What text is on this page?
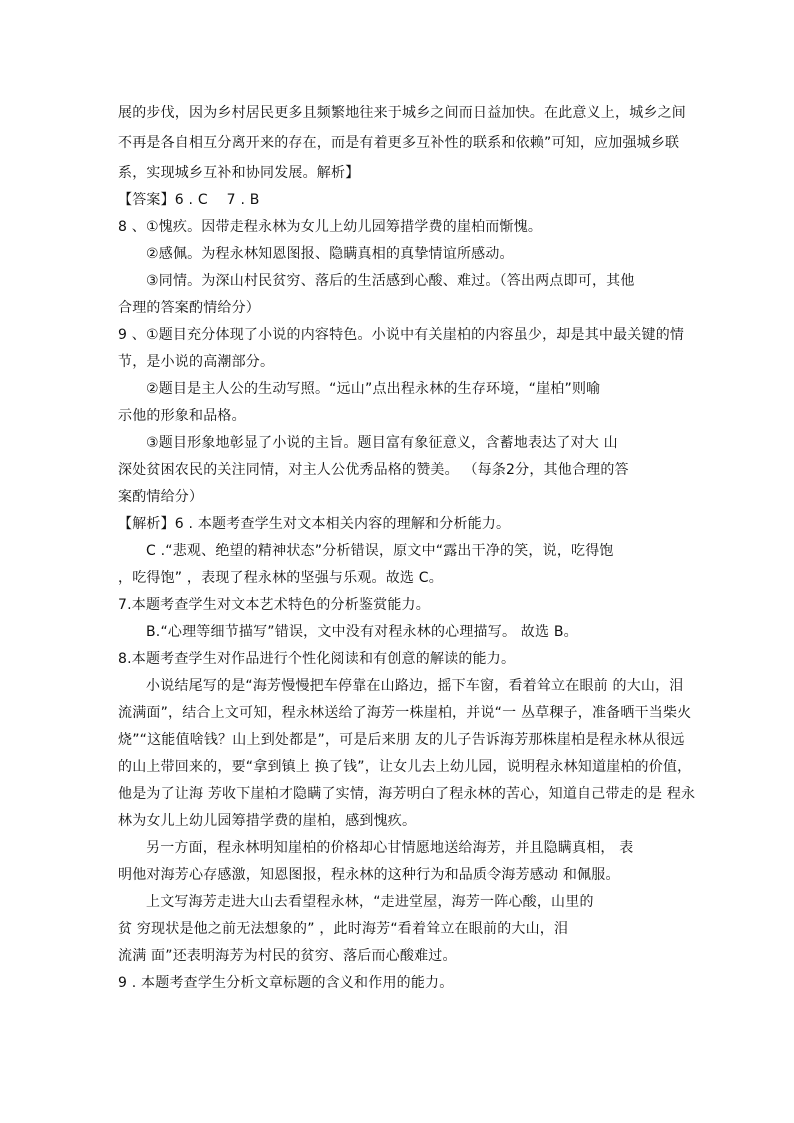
展的步伐，因为乡村居民更多且频繁地往来于城乡之间而日益加快。在此意义上，城乡之间
不再是各自相互分离开来的存在，而是有着更多互补性的联系和依赖”可知，应加强城乡联
系，实现城乡互补和协同发展。解析】
【答案】6 . C　 7 . B
8 、①愧疚。因带走程永林为女儿上幼儿园筹措学费的崖柏而惭愧。
②感佩。为程永林知恩图报、隐瞒真相的真挚情谊所感动。
③同情。为深山村民贫穷、落后的生活感到心酸、难过。（答出两点即可，其他
合理的答案酌情给分）
9 、①题目充分体现了小说的内容特色。小说中有关崖柏的内容虽少，却是其中最关键的情
节，是小说的高潮部分。
②题目是主人公的生动写照。“远山”点出程永林的生存环境，“崖柏”则喻
示他的形象和品格。
③题目形象地彰显了小说的主旨。题目富有象征意义，含蓄地表达了对大 山
深处贫困农民的关注同情，对主人公优秀品格的赞美。 （每条2分，其他合理的答
案酌情给分）
【解析】6 . 本题考查学生对文本相关内容的理解和分析能力。
C .“悲观、绝望的精神状态”分析错误，原文中“露出干净的笑，说，吃得饱
，吃得饱” ，表现了程永林的坚强与乐观。故选 C。
7.本题考查学生对文本艺术特色的分析鉴赏能力。
B.“心理等细节描写”错误，文中没有对程永林的心理描写。 故选 B。
8.本题考查学生对作品进行个性化阅读和有创意的解读的能力。
小说结尾写的是“海芳慢慢把车停靠在山路边，摇下车窗，看着耸立在眼前 的大山，泪
流满面”，结合上文可知，程永林送给了海芳一株崖柏，并说“一 丛草稞子，准备晒干当柴火
烧”“这能值啥钱？山上到处都是”，可是后来朋 友的儿子告诉海芳那株崖柏是程永林从很远
的山上带回来的，要“拿到镇上 换了钱”，让女儿去上幼儿园，说明程永林知道崖柏的价值，
他是为了让海 芳收下崖柏才隐瞒了实情，海芳明白了程永林的苦心，知道自己带走的是 程永
林为女儿上幼儿园筹措学费的崖柏，感到愧疚。
另一方面，程永林明知崖柏的价格却心甘情愿地送给海芳，并且隐瞒真相， 表
明他对海芳心存感激，知恩图报，程永林的这种行为和品质令海芳感动 和佩服。
上文写海芳走进大山去看望程永林，“走进堂屋，海芳一阵心酸，山里的
贫 穷现状是他之前无法想象的” ，此时海芳“看着耸立在眼前的大山，泪
流满 面”还表明海芳为村民的贫穷、落后而心酸难过。
9 . 本题考查学生分析文章标题的含义和作用的能力。
